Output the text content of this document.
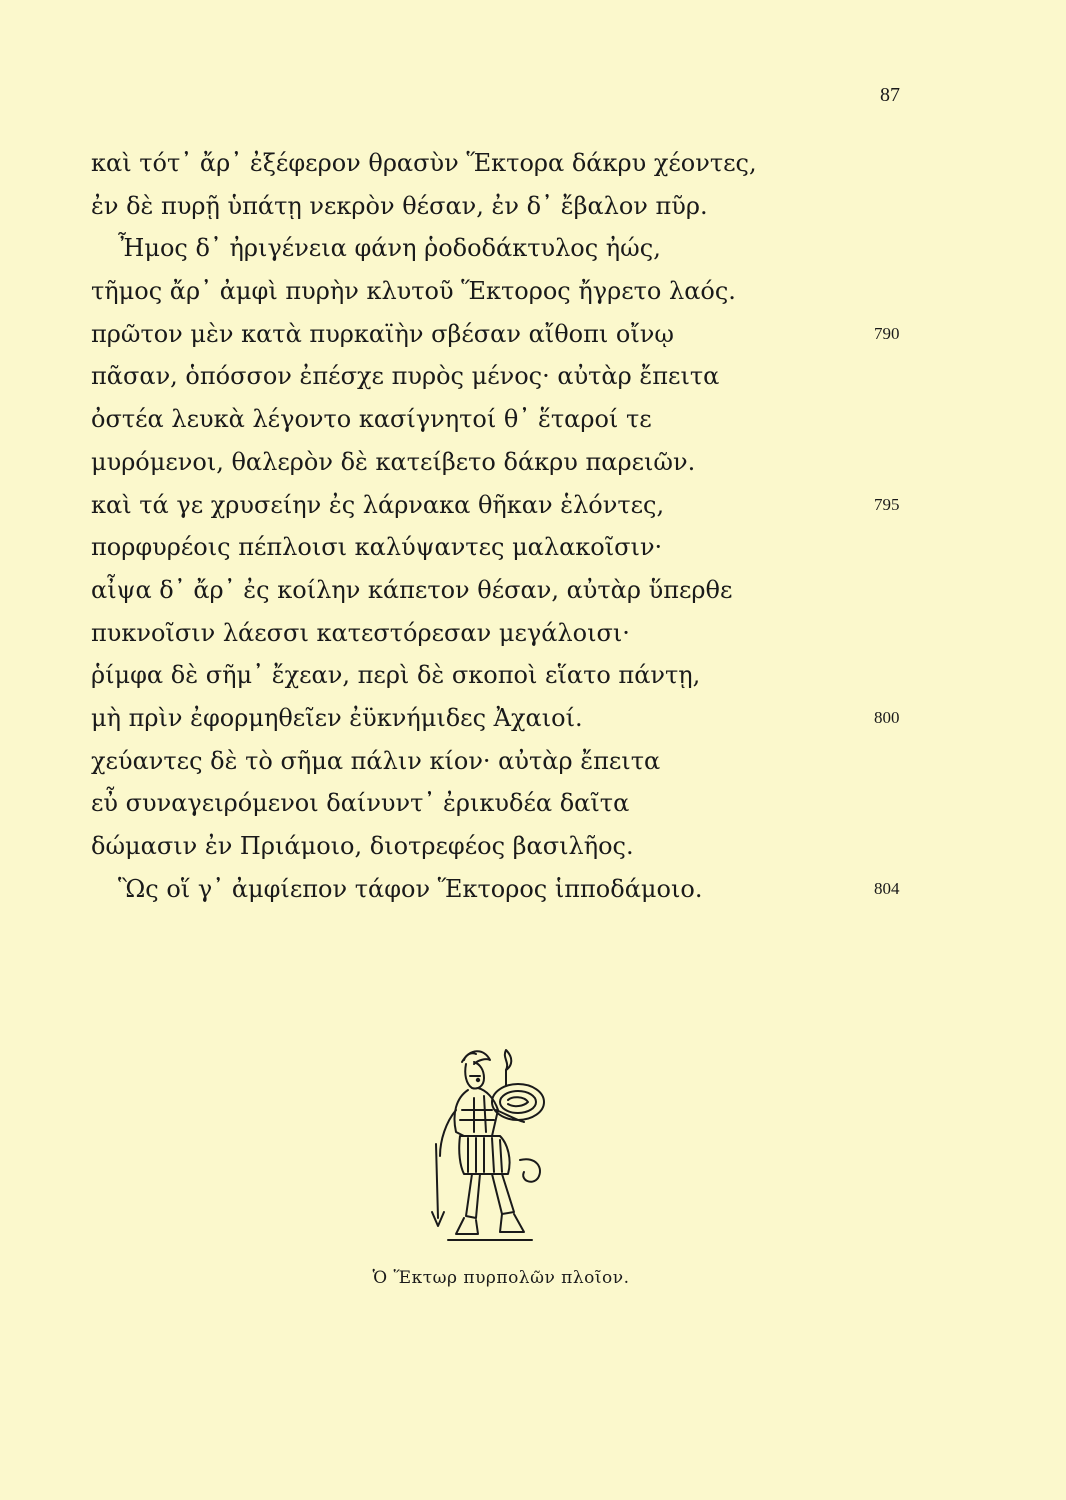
87
καὶ τότ᾽ ἄρ᾽ ἐξέφερον θρασὺν Ἕκτορα δάκρυ χέοντες,
ἐν δὲ πυρῇ ὑπάτῃ νεκρὸν θέσαν, ἐν δ᾽ ἔβαλον πῦρ.
Ἦμος δ᾽ ἠριγένεια φάνη ῥοδοδάκτυλος ἠώς,
τῆμος ἄρ᾽ ἀμφὶ πυρὴν κλυτοῦ Ἕκτορος ἤγρετο λαός.
πρῶτον μὲν κατὰ πυρκαϊὴν σβέσαν αἴθοπι οἴνῳ	790
πᾶσαν, ὁπόσσον ἐπέσχε πυρὸς μένος· αὐτὰρ ἔπειτα
ὀστέα λευκὰ λέγοντο κασίγνητοί θ᾽ ἕταροί τε
μυρόμενοι, θαλερὸν δὲ κατείβετο δάκρυ παρειῶν.
καὶ τά γε χρυσείην ἐς λάρνακα θῆκαν ἑλόντες,	795
πορφυρέοις πέπλοισι καλύψαντες μαλακοῖσιν·
αἶψα δ᾽ ἄρ᾽ ἐς κοίλην κάπετον θέσαν, αὐτὰρ ὕπερθε
πυκνοῖσιν λάεσσι κατεστόρεσαν μεγάλοισι·
ῥίμφα δὲ σῆμ᾽ ἔχεαν, περὶ δὲ σκοποὶ εἵατο πάντῃ,
μὴ πρὶν ἐφορμηθεῖεν ἐϋκνήμιδες Ἀχαιοί.	800
χεύαντες δὲ τὸ σῆμα πάλιν κίον· αὐτὰρ ἔπειτα
εὖ συναγειρόμενοι δαίνυντ᾽ ἐρικυδέα δαῖτα
δώμασιν ἐν Πριάμοιο, διοτρεφέος βασιλῆος.
Ὣς οἵ γ᾽ ἀμφίεπον τάφον Ἕκτορος ἱπποδάμοιο.	804
Ὁ Ἕκτωρ πυρπολῶν πλοῖον.
